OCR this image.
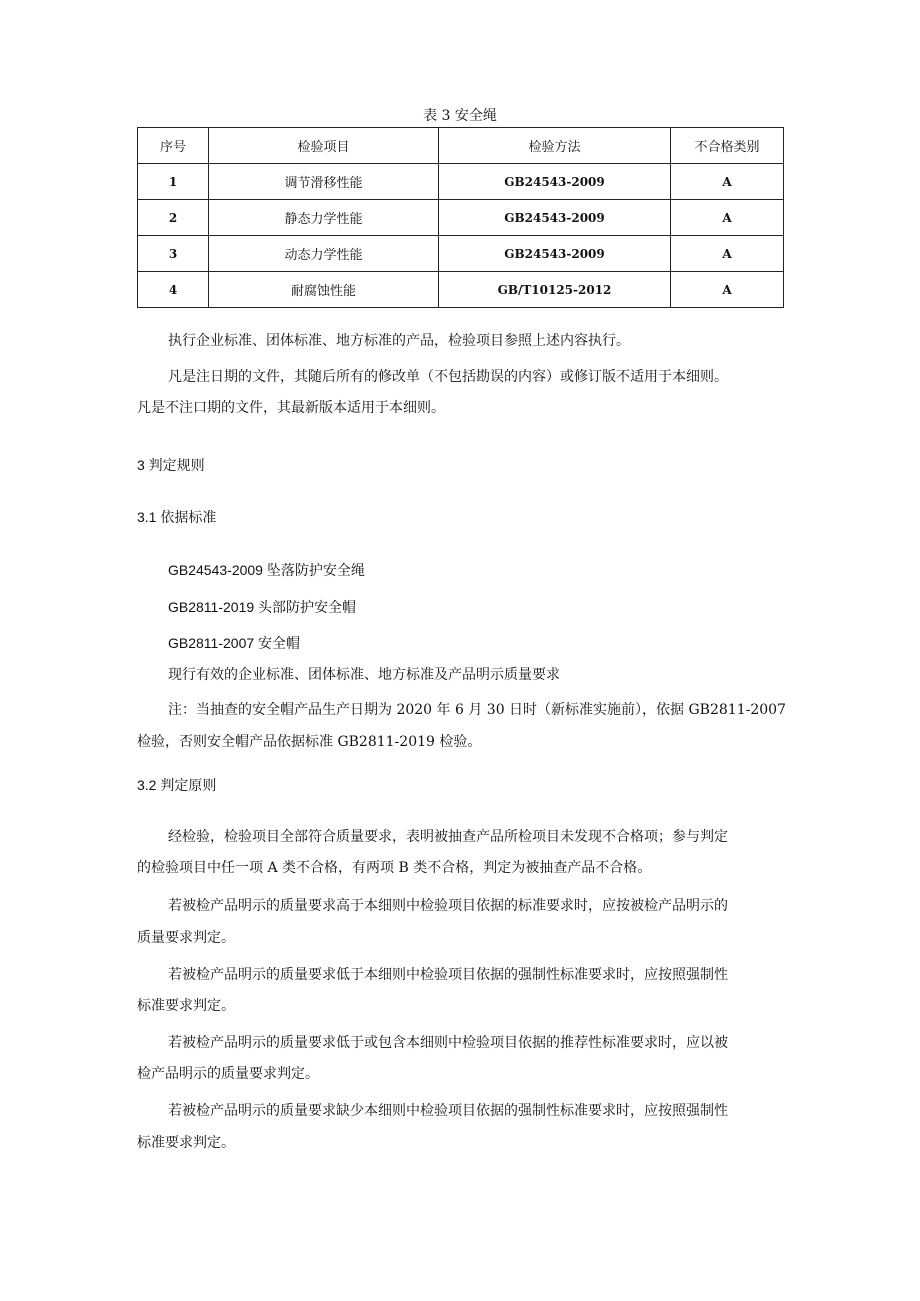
表 3 安全绳
序号	检验项目	检验方法	不合格类别
1	调节滑移性能	GB24543-2009	A
2	静态力学性能	GB24543-2009	A
3	动态力学性能	GB24543-2009	A
4	耐腐蚀性能	GB/T10125-2012	A
执行企业标准、团体标准、地方标准的产品，检验项目参照上述内容执行。
凡是注日期的文件，其随后所有的修改单（不包括勘误的内容）或修订版不适用于本细则。
凡是不注口期的文件，其最新版本适用于本细则。
3 判定规则
3.1 依据标准
GB24543-2009 坠落防护安全绳
GB2811-2019 头部防护安全帽
GB2811-2007 安全帽
现行有效的企业标准、团体标准、地方标准及产品明示质量要求
注：当抽查的安全帽产品生产日期为 2020 年 6 月 30 日时（新标准实施前），依据 GB2811-2007
检验，否则安全帽产品依据标准 GB2811-2019 检验。
3.2 判定原则
经检验，检验项目全部符合质量要求，表明被抽查产品所检项目未发现不合格项；参与判定
的检验项目中任一项 A 类不合格，有两项 B 类不合格，判定为被抽查产品不合格。
若被检产品明示的质量要求高于本细则中检验项目依据的标准要求时，应按被检产品明示的
质量要求判定。
若被检产品明示的质量要求低于本细则中检验项目依据的强制性标准要求时，应按照强制性
标准要求判定。
若被检产品明示的质量要求低于或包含本细则中检验项目依据的推荐性标准要求时，应以被
检产品明示的质量要求判定。
若被检产品明示的质量要求缺少本细则中检验项目依据的强制性标准要求时，应按照强制性
标准要求判定。
